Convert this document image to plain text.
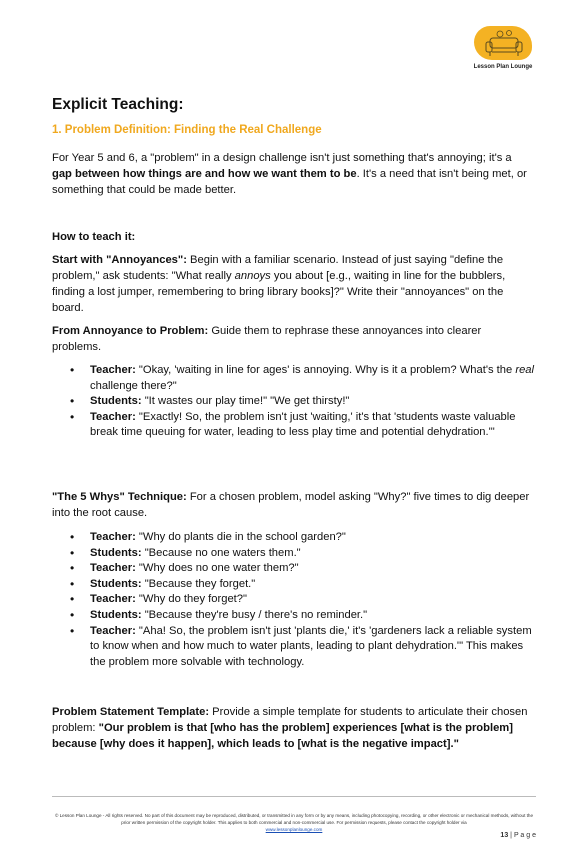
Lesson Plan Lounge
Explicit Teaching:
1. Problem Definition: Finding the Real Challenge

For Year 5 and 6, a "problem" in a design challenge isn't just something that's annoying; it's a gap between how things are and how we want them to be. It's a need that isn't being met, or something that could be made better.

How to teach it:

Start with "Annoyances": Begin with a familiar scenario. Instead of just saying "define the problem," ask students: "What really annoys you about [e.g., waiting in line for the bubblers, finding a lost jumper, remembering to bring library books]?" Write their "annoyances" on the board.

From Annoyance to Problem: Guide them to rephrase these annoyances into clearer problems.

• Teacher: "Okay, 'waiting in line for ages' is annoying. Why is it a problem? What's the real challenge there?"
• Students: "It wastes our play time!" "We get thirsty!"
• Teacher: "Exactly! So, the problem isn't just 'waiting,' it's that 'students waste valuable break time queuing for water, leading to less play time and potential dehydration.'"

"The 5 Whys" Technique: For a chosen problem, model asking "Why?" five times to dig deeper into the root cause.

• Teacher: "Why do plants die in the school garden?"
• Students: "Because no one waters them."
• Teacher: "Why does no one water them?"
• Students: "Because they forget."
• Teacher: "Why do they forget?"
• Students: "Because they're busy / there's no reminder."
• Teacher: "Aha! So, the problem isn't just 'plants die,' it's 'gardeners lack a reliable system to know when and how much to water plants, leading to plant dehydration.'" This makes the problem more solvable with technology.

Problem Statement Template: Provide a simple template for students to articulate their chosen problem: "Our problem is that [who has the problem] experiences [what is the problem] because [why does it happen], which leads to [what is the negative impact]."

© Lesson Plan Lounge - All rights reserved. No part of this document may be reproduced, distributed, or transmitted in any form or by any means, including photocopying, recording, or other electronic or mechanical methods, without the prior written permission of the copyright holder. This applies to both commercial and non-commercial use. For permission requests, please contact the copyright holder via
www.lessonplanlounge.com
13 | P a g e
